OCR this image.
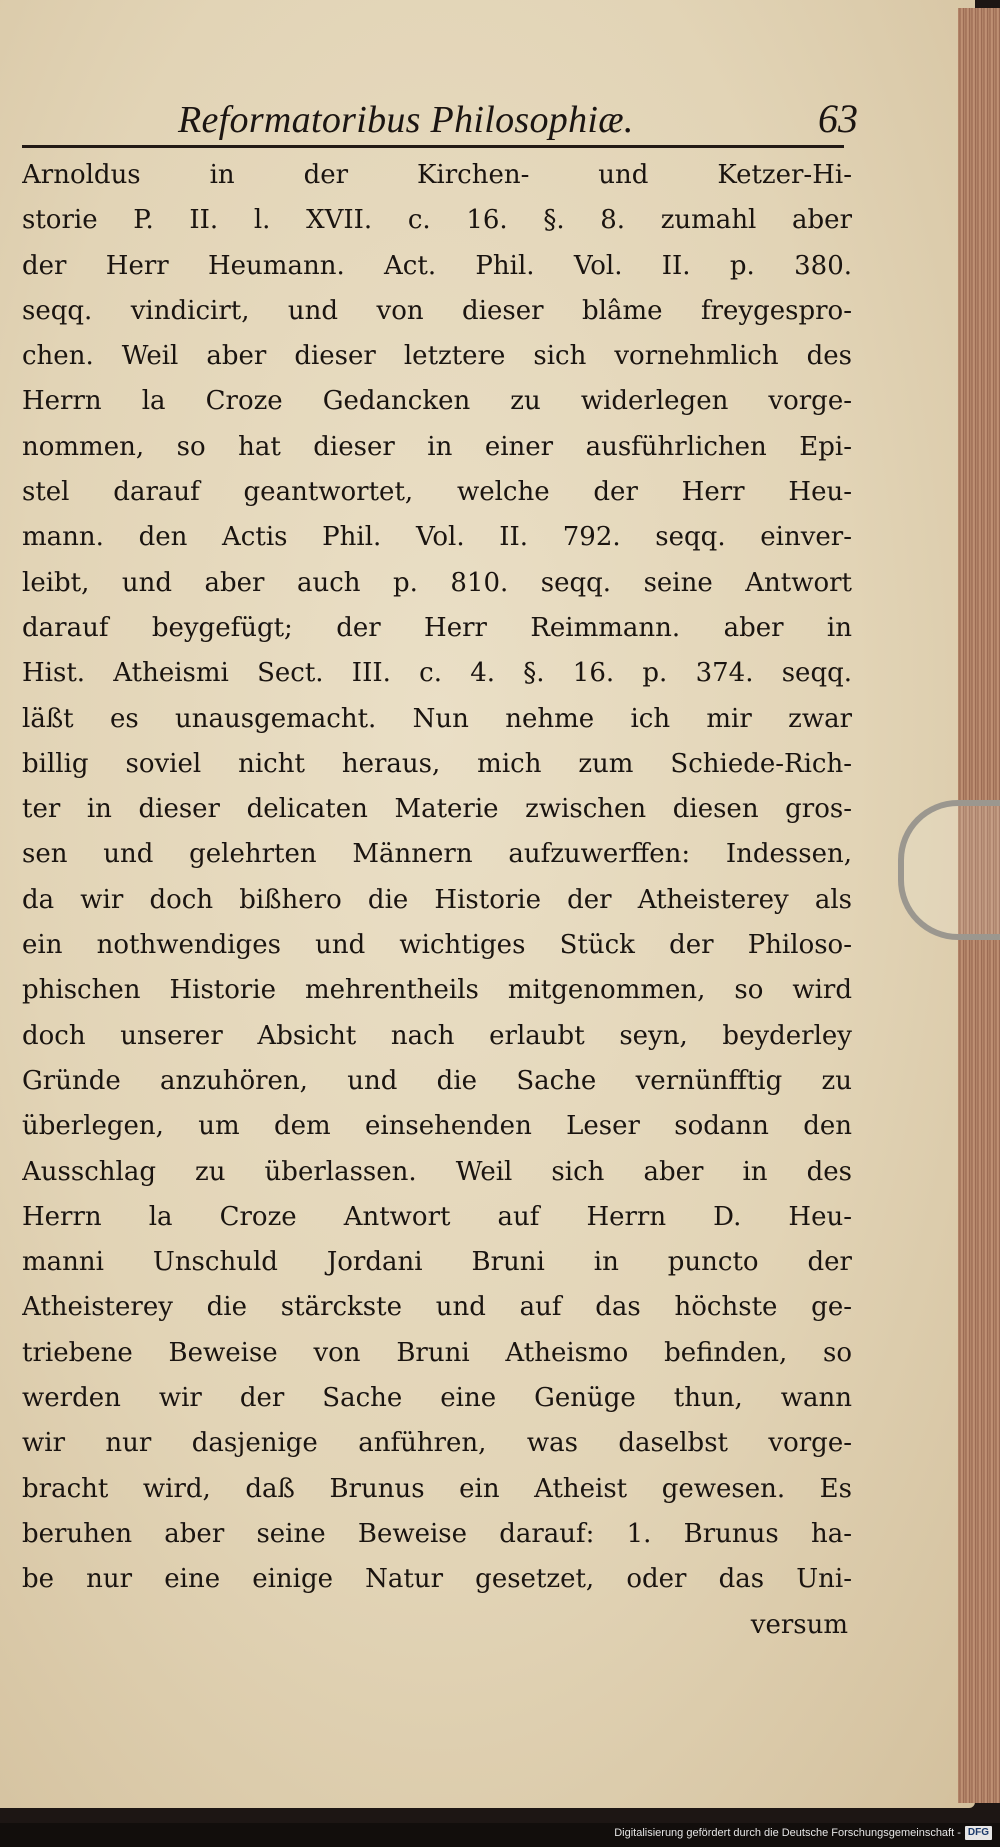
Reformatoribus Philosophiæ.	63
Arnoldus in der Kirchen- und Ketzer-Hi-
storie P. II. l. XVII. c. 16. §. 8. zumahl aber
der Herr Heumann. Act. Phil. Vol. II. p. 380.
seqq. vindicirt, und von dieser blâme freygespro-
chen. Weil aber dieser letztere sich vornehmlich des
Herrn la Croze Gedancken zu widerlegen vorge-
nommen, so hat dieser in einer ausführlichen Epi-
stel darauf geantwortet, welche der Herr Heu-
mann. den Actis Phil. Vol. II. 792. seqq. einver-
leibt, und aber auch p. 810. seqq. seine Antwort
darauf beygefügt; der Herr Reimmann. aber in
Hist. Atheismi Sect. III. c. 4. §. 16. p. 374. seqq.
läßt es unausgemacht. Nun nehme ich mir zwar
billig soviel nicht heraus, mich zum Schiede-Rich-
ter in dieser delicaten Materie zwischen diesen gros-
sen und gelehrten Männern aufzuwerffen: Indessen,
da wir doch bißhero die Historie der Atheisterey als
ein nothwendiges und wichtiges Stück der Philoso-
phischen Historie mehrentheils mitgenommen, so wird
doch unserer Absicht nach erlaubt seyn, beyderley
Gründe anzuhören, und die Sache vernünfftig zu
überlegen, um dem einsehenden Leser sodann den
Ausschlag zu überlassen. Weil sich aber in des
Herrn la Croze Antwort auf Herrn D. Heu-
manni Unschuld Jordani Bruni in puncto der
Atheisterey die stärckste und auf das höchste ge-
triebene Beweise von Bruni Atheismo befinden, so
werden wir der Sache eine Genüge thun, wann
wir nur dasjenige anführen, was daselbst vorge-
bracht wird, daß Brunus ein Atheist gewesen. Es
beruhen aber seine Beweise darauf: 1. Brunus ha-
be nur eine einige Natur gesetzet, oder das Uni-
versum
Digitalisierung gefördert durch die Deutsche Forschungsgemeinschaft - DFG
